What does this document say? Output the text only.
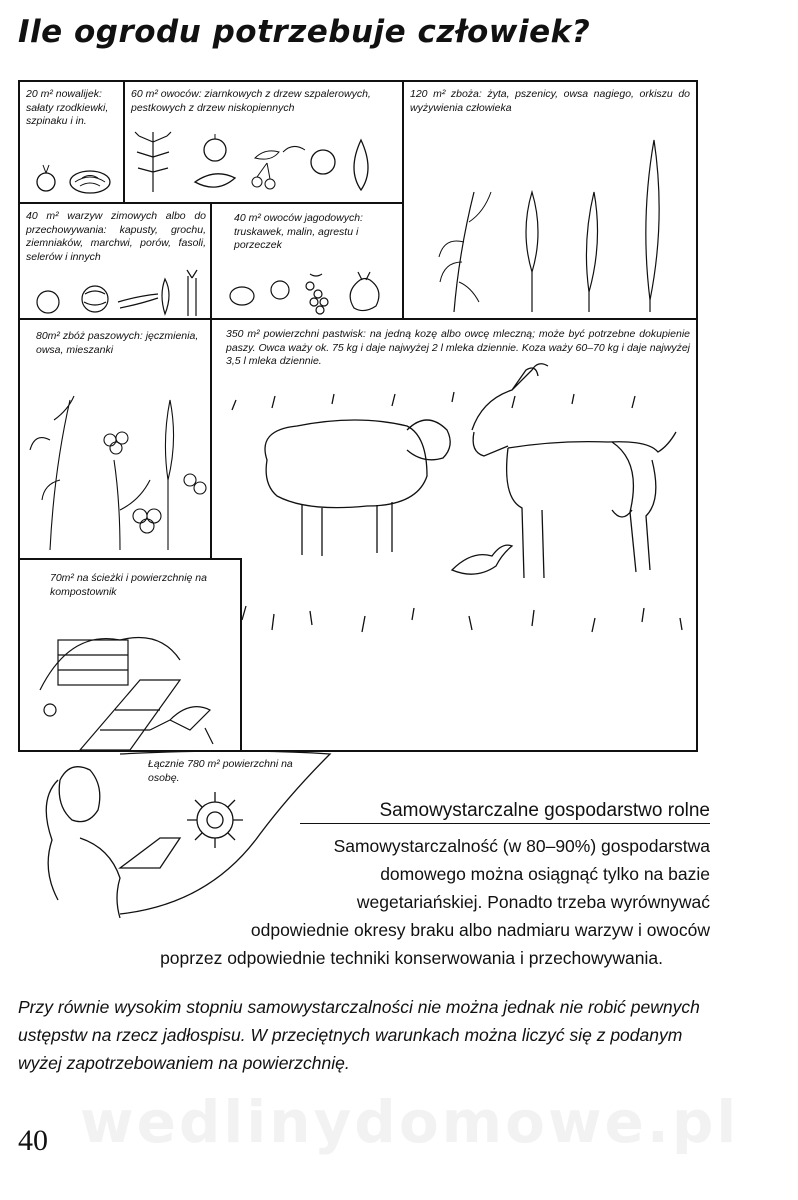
Ile ogrodu potrzebuje człowiek?
20 m² nowalijek: sałaty rzodkiewki, szpinaku i in.
60 m² owoców: ziarnkowych z drzew szpalerowych, pestkowych z drzew niskopiennych
120 m² zboża: żyta, pszenicy, owsa nagiego, orkiszu do wyżywienia człowieka
40 m² warzyw zimowych albo do przechowywania: kapusty, grochu, ziemniaków, marchwi, porów, fasoli, selerów i innych
40 m² owoców jagodowych: truskawek, malin, agrestu i porzeczek
80m² zbóż paszowych: jęczmienia, owsa, mieszanki
350 m² powierzchni pastwisk: na jedną kozę albo owcę mleczną; może być potrzebne dokupienie paszy. Owca waży ok. 75 kg i daje najwyżej 2 l mleka dziennie. Koza waży 60–70 kg i daje najwyżej 3,5 l mleka dziennie.
70m² na ścieżki i powierzchnię na kompostownik
Łącznie 780 m² powierzchni na osobę.
Samowystarczalne gospodarstwo rolne
Samowystarczalność (w 80–90%) gospodarstwa
domowego można osiągnąć tylko na bazie
wegetariańskiej. Ponadto trzeba wyrównywać
odpowiednie okresy braku albo nadmiaru warzyw i owoców
poprzez odpowiednie techniki konserwowania i przechowywania.
Przy równie wysokim stopniu samowystarczalności nie można jednak nie robić pewnych ustępstw na rzecz jadłospisu. W przeciętnych warunkach można liczyć się z podanym wyżej zapotrzebowaniem na powierzchnię.
wedlinydomowe.pl
40
